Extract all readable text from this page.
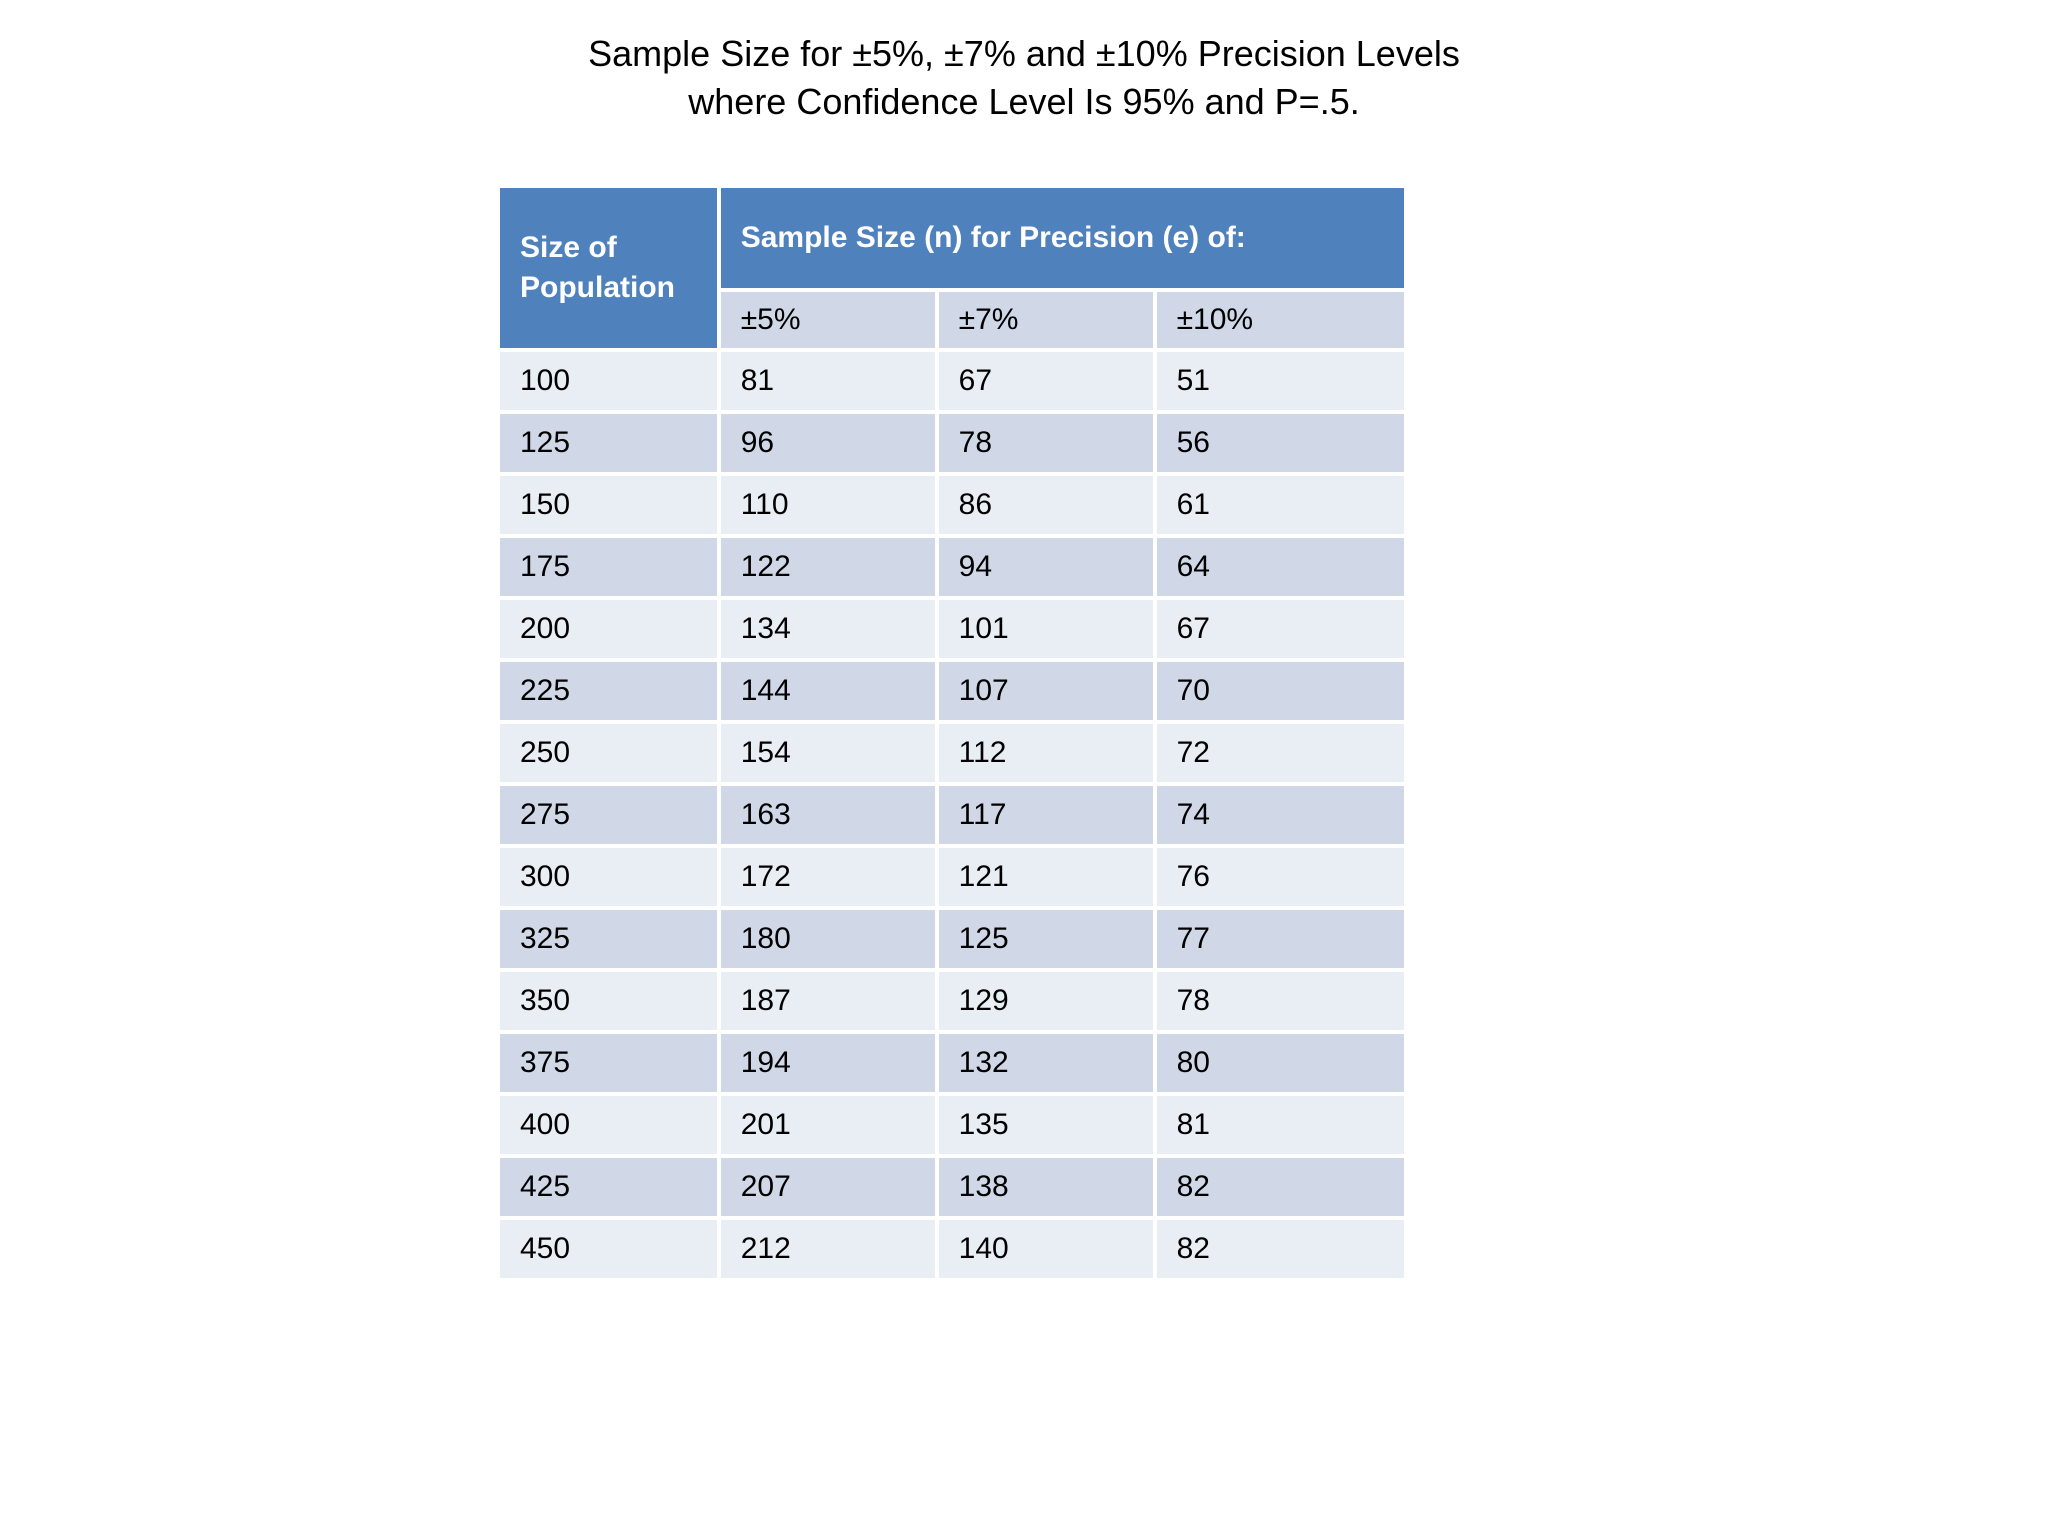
Sample Size for ±5%, ±7% and ±10% Precision Levels
where Confidence Level Is 95% and P=.5.
Size of Population	Sample Size (n) for Precision (e) of:		
	±5%	±7%	±10%
100	81	67	51
125	96	78	56
150	110	86	61
175	122	94	64
200	134	101	67
225	144	107	70
250	154	112	72
275	163	117	74
300	172	121	76
325	180	125	77
350	187	129	78
375	194	132	80
400	201	135	81
425	207	138	82
450	212	140	82
